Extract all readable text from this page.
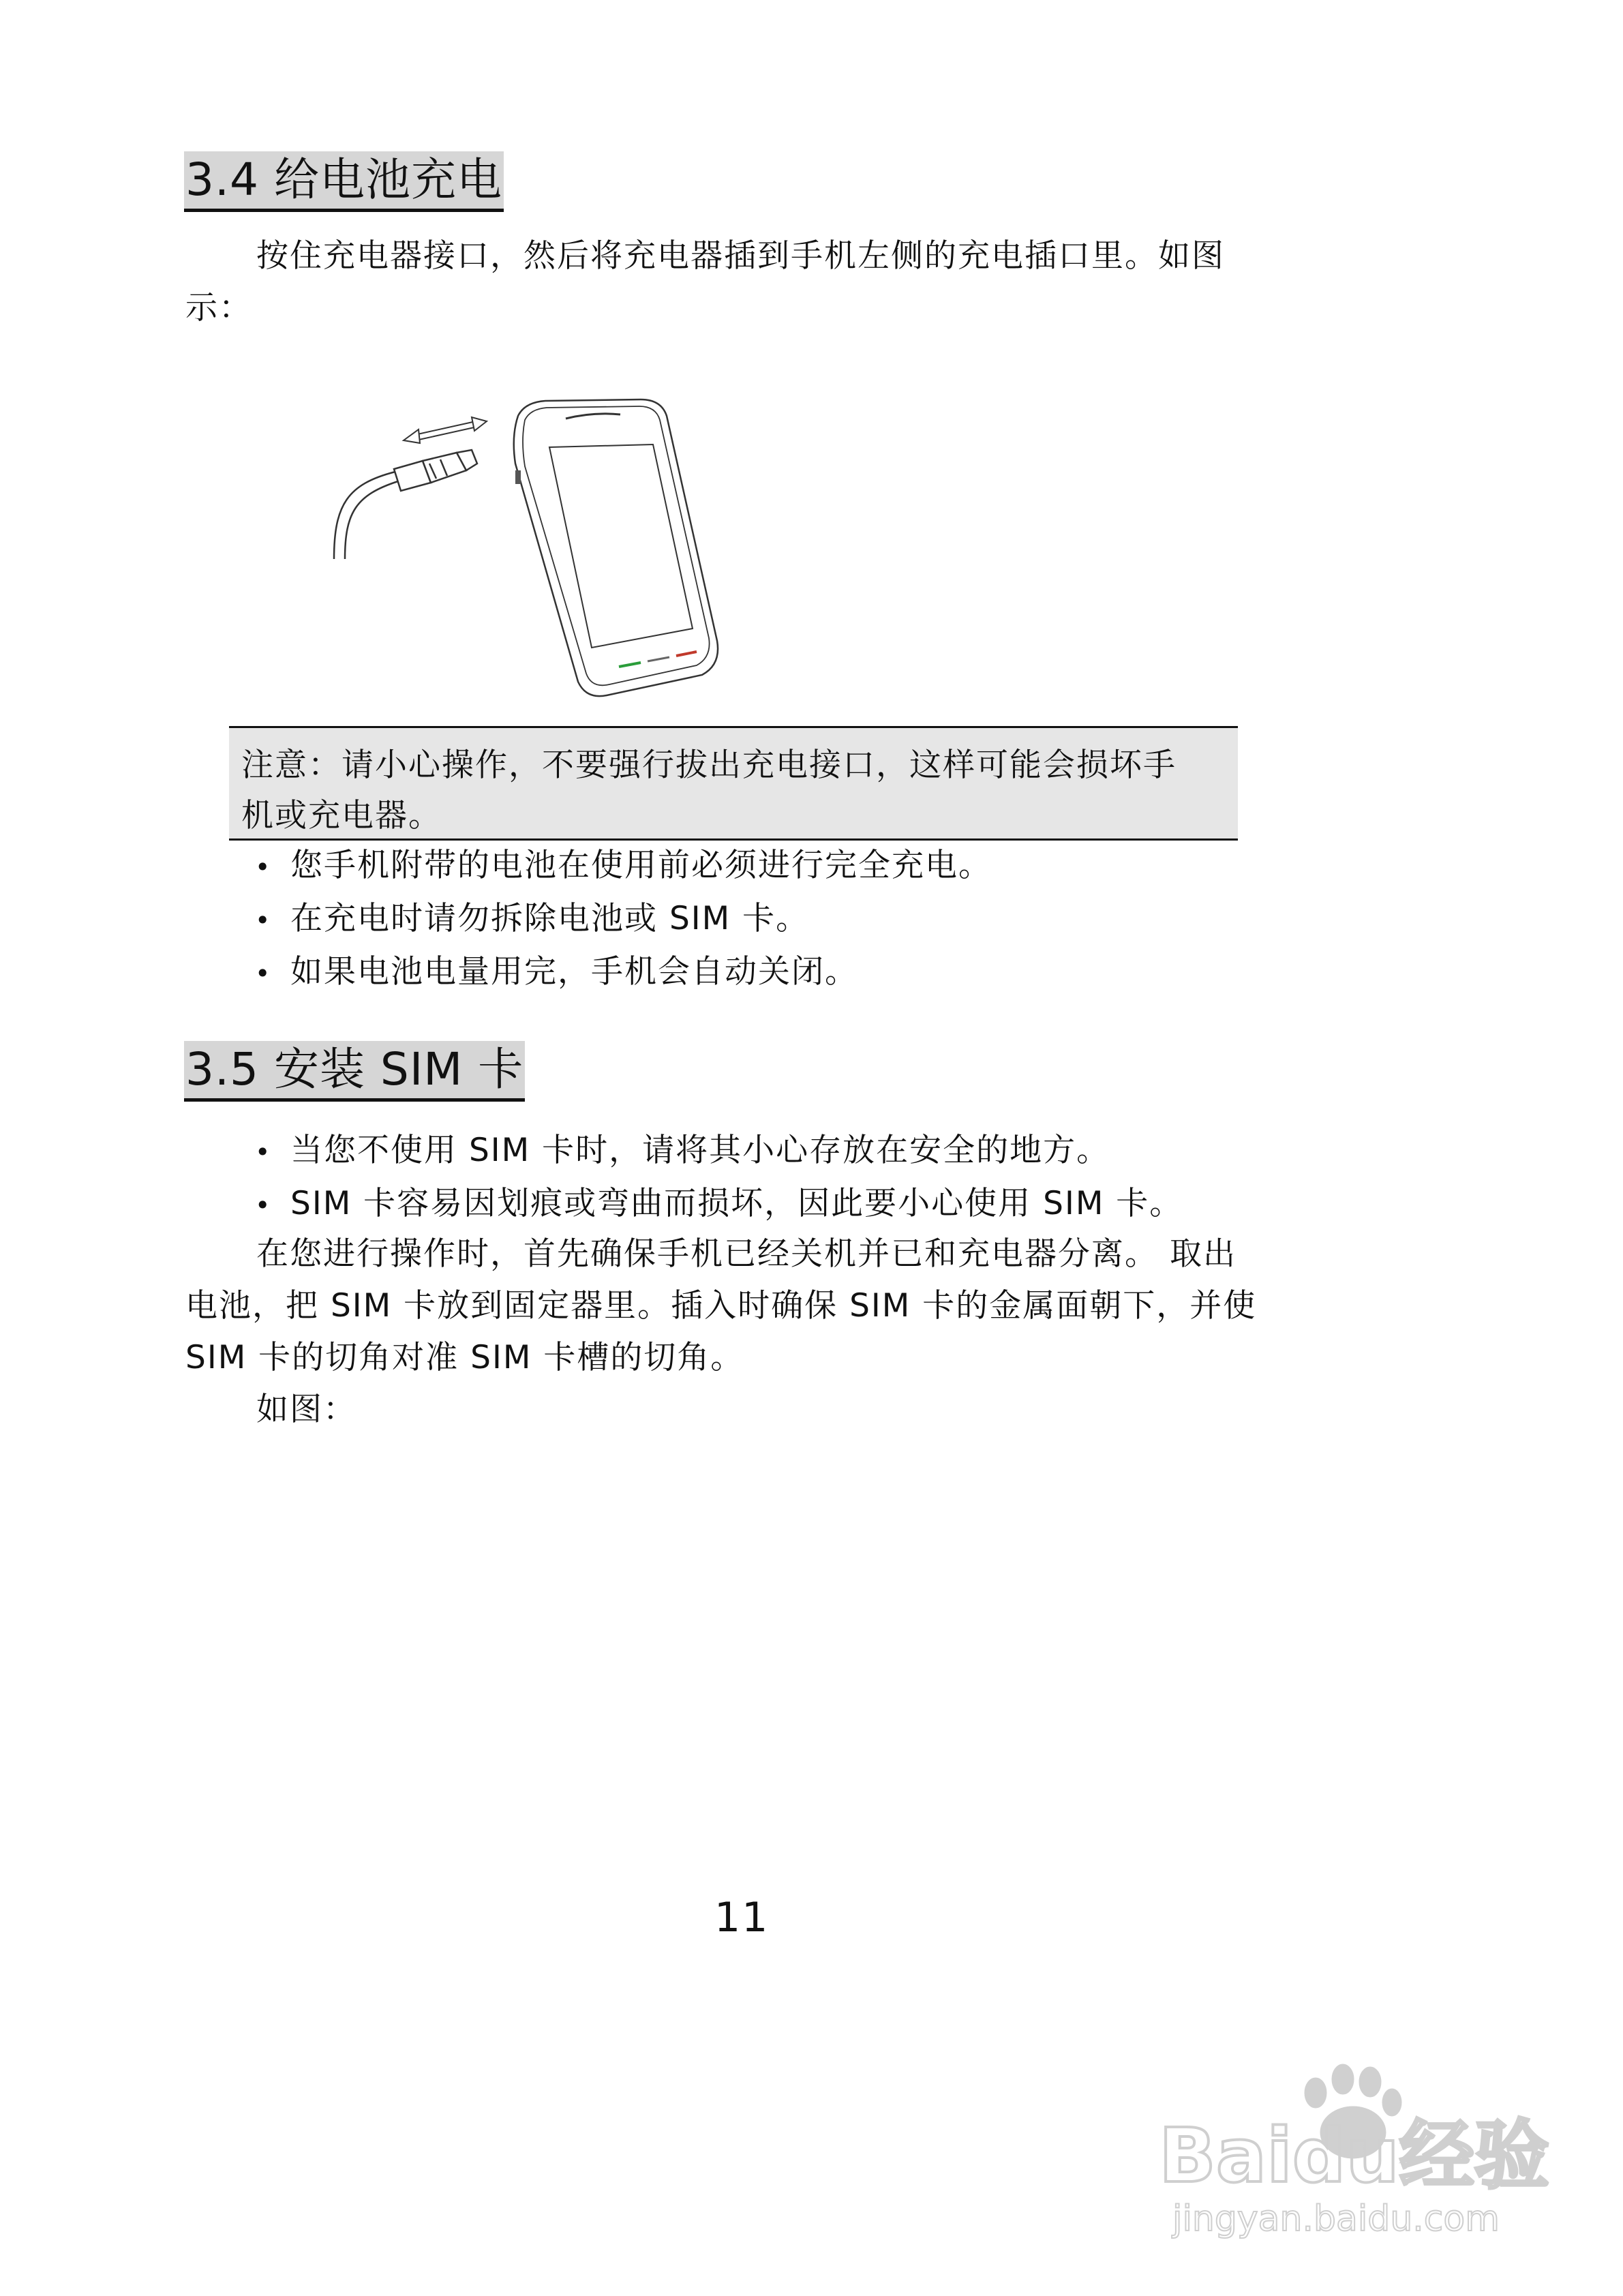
3.4 给电池充电
按住充电器接口，然后将充电器插到手机左侧的充电插口里。如图
示：
注意：请小心操作，不要强行拔出充电接口，这样可能会损坏手
机或充电器。
• 您手机附带的电池在使用前必须进行完全充电。
• 在充电时请勿拆除电池或 SIM 卡。
• 如果电池电量用完，手机会自动关闭。
3.5 安装 SIM 卡
• 当您不使用 SIM 卡时，请将其小心存放在安全的地方。
• SIM 卡容易因划痕或弯曲而损坏，因此要小心使用 SIM 卡。
在您进行操作时，首先确保手机已经关机并已和充电器分离。 取出
电池，把 SIM 卡放到固定器里。插入时确保 SIM 卡的金属面朝下，并使
SIM 卡的切角对准 SIM 卡槽的切角。
如图：
11
Baidu经验
jingyan.baidu.com
